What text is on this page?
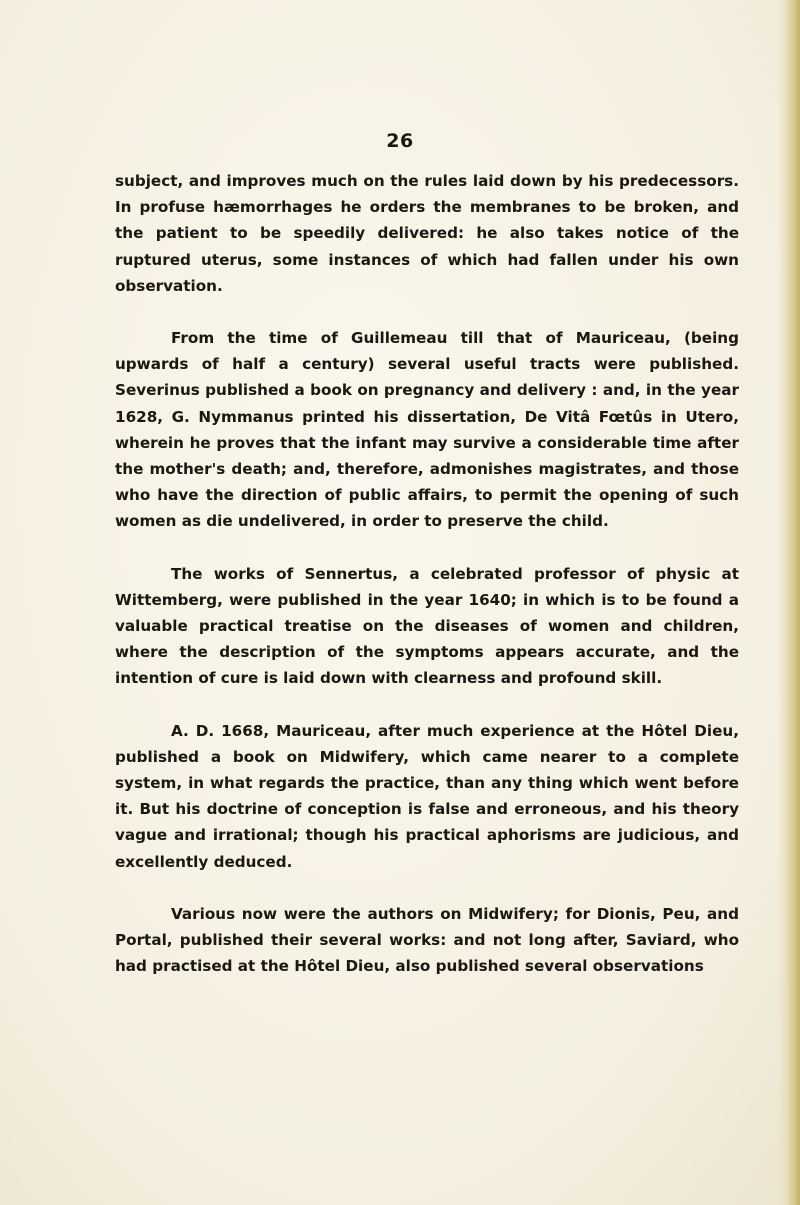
26

subject, and improves much on the rules laid down by his predecessors. In profuse hæmorrhages he orders the membranes to be broken, and the patient to be speedily delivered: he also takes notice of the ruptured uterus, some instances of which had fallen under his own observation.

From the time of Guillemeau till that of Mauriceau, (being upwards of half a century) several useful tracts were published. Severinus published a book on pregnancy and delivery : and, in the year 1628, G. Nymmanus printed his dissertation, De Vitâ Fœtûs in Utero, wherein he proves that the infant may survive a considerable time after the mother's death; and, therefore, admonishes magistrates, and those who have the direction of public affairs, to permit the opening of such women as die undelivered, in order to preserve the child.

The works of Sennertus, a celebrated professor of physic at Wittemberg, were published in the year 1640; in which is to be found a valuable practical treatise on the diseases of women and children, where the description of the symptoms appears accurate, and the intention of cure is laid down with clearness and profound skill.

A. D. 1668, Mauriceau, after much experience at the Hôtel Dieu, published a book on Midwifery, which came nearer to a complete system, in what regards the practice, than any thing which went before it. But his doctrine of conception is false and erroneous, and his theory vague and irrational; though his practical aphorisms are judicious, and excellently deduced.

Various now were the authors on Midwifery; for Dionis, Peu, and Portal, published their several works: and not long after, Saviard, who had practised at the Hôtel Dieu, also published several observations
